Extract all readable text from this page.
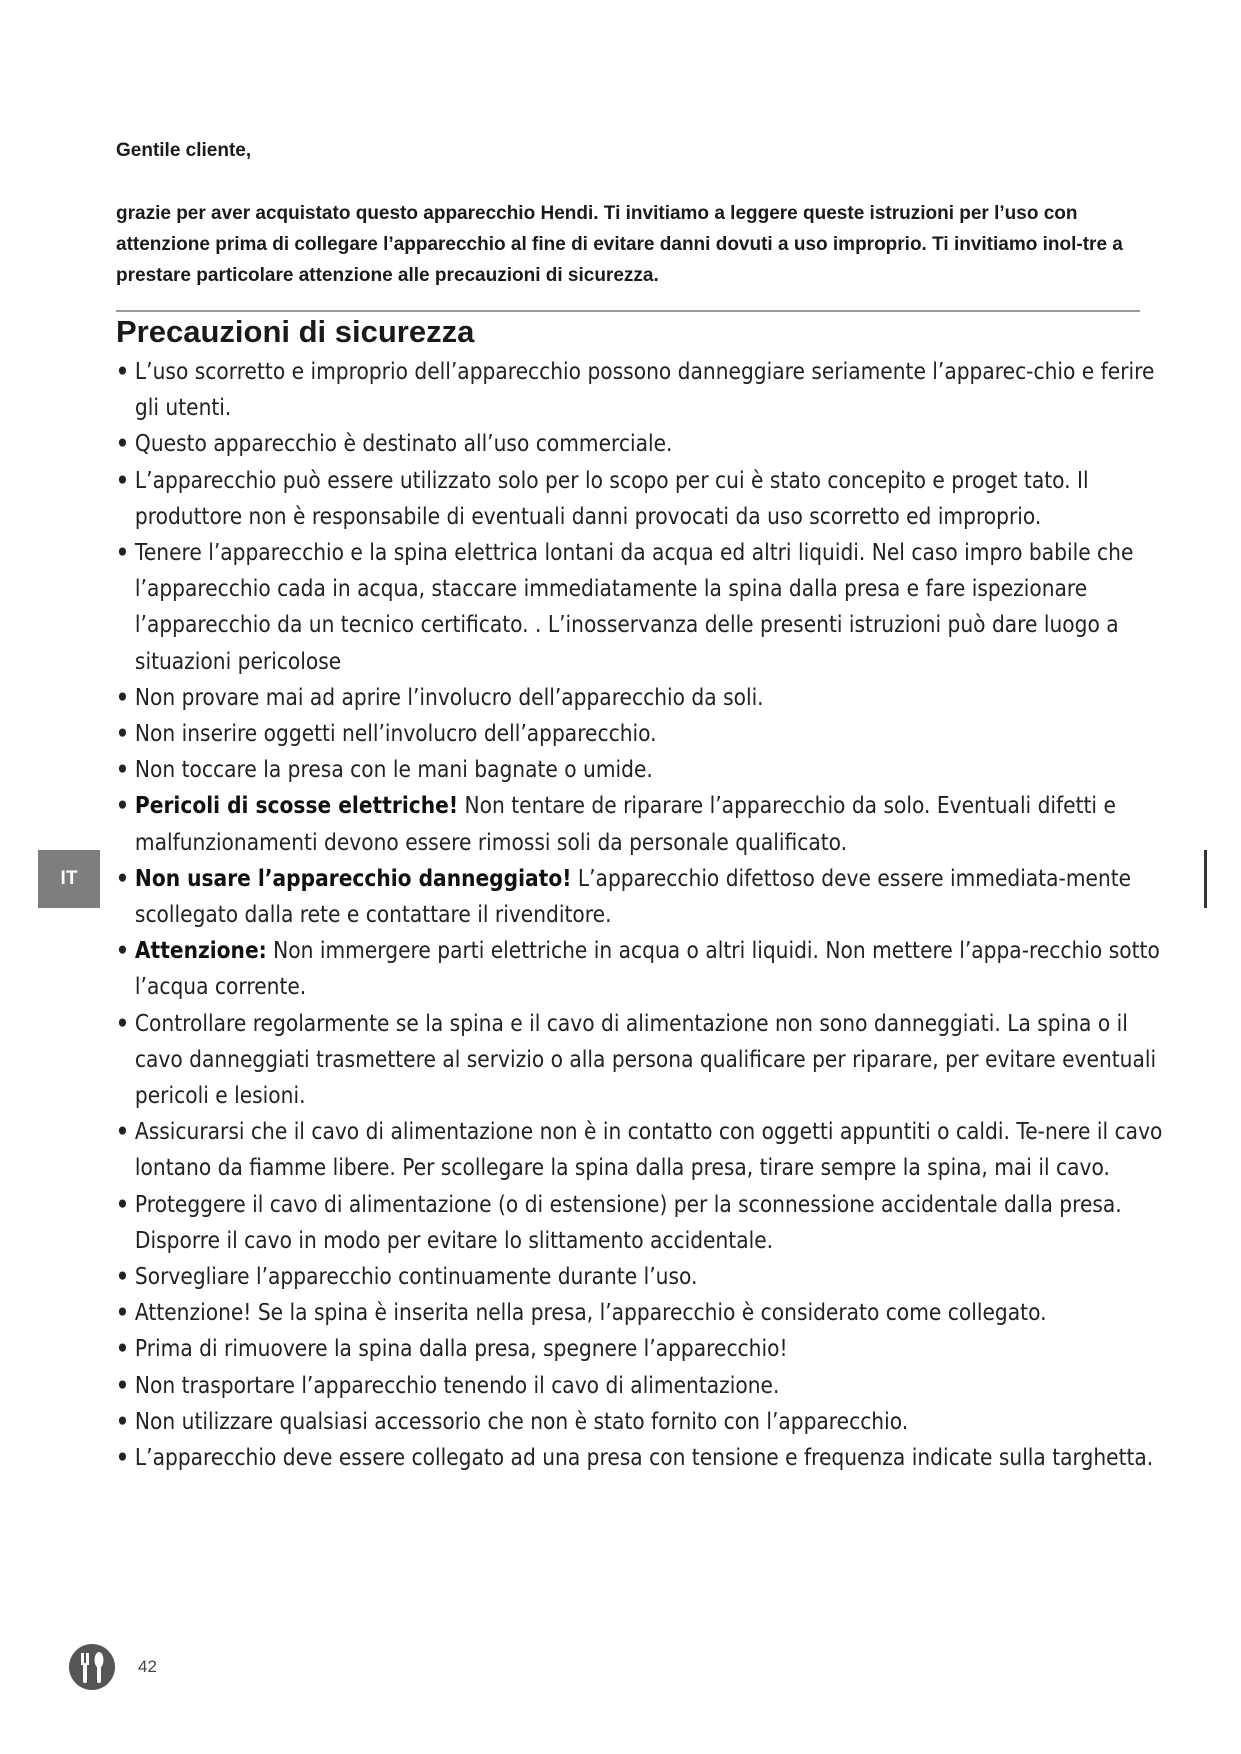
Gentile cliente,

grazie per aver acquistato questo apparecchio Hendi. Ti invitiamo a leggere queste istruzioni per l’uso con attenzione prima di collegare l’apparecchio al fine di evitare danni dovuti a uso improprio. Ti invitiamo inol-tre a prestare particolare attenzione alle precauzioni di sicurezza.

Precauzioni di sicurezza
• L’uso scorretto e improprio dell’apparecchio possono danneggiare seriamente l’apparec-chio e ferire gli utenti.
• Questo apparecchio è destinato all’uso commerciale.
• L’apparecchio può essere utilizzato solo per lo scopo per cui è stato concepito e proget tato. Il produttore non è responsabile di eventuali danni provocati da uso scorretto ed improprio.
• Tenere l’apparecchio e la spina elettrica lontani da acqua ed altri liquidi. Nel caso impro babile che l’apparecchio cada in acqua, staccare immediatamente la spina dalla presa e fare ispezionare l’apparecchio da un tecnico certificato. . L’inosservanza delle presenti istruzioni può dare luogo a situazioni pericolose
• Non provare mai ad aprire l’involucro dell’apparecchio da soli.
• Non inserire oggetti nell’involucro dell’apparecchio.
• Non toccare la presa con le mani bagnate o umide.
• Pericoli di scosse elettriche! Non tentare de riparare l’apparecchio da solo. Eventuali difetti e malfunzionamenti devono essere rimossi soli da personale qualificato.
• Non usare l’apparecchio danneggiato! L’apparecchio difettoso deve essere immediata-mente scollegato dalla rete e contattare il rivenditore.
• Attenzione: Non immergere parti elettriche in acqua o altri liquidi. Non mettere l’appa-recchio sotto l’acqua corrente.
• Controllare regolarmente se la spina e il cavo di alimentazione non sono danneggiati. La spina o il cavo danneggiati trasmettere al servizio o alla persona qualificare per riparare, per evitare eventuali pericoli e lesioni.
• Assicurarsi che il cavo di alimentazione non è in contatto con oggetti appuntiti o caldi. Te-nere il cavo lontano da fiamme libere. Per scollegare la spina dalla presa, tirare sempre la spina, mai il cavo.
• Proteggere il cavo di alimentazione (o di estensione) per la sconnessione accidentale dalla presa. Disporre il cavo in modo per evitare lo slittamento accidentale.
• Sorvegliare l’apparecchio continuamente durante l’uso.
• Attenzione! Se la spina è inserita nella presa, l’apparecchio è considerato come collegato.
• Prima di rimuovere la spina dalla presa, spegnere l’apparecchio!
• Non trasportare l’apparecchio tenendo il cavo di alimentazione.
• Non utilizzare qualsiasi accessorio che non è stato fornito con l’apparecchio.
• L’apparecchio deve essere collegato ad una presa con tensione e frequenza indicate sulla targhetta.
IT
42
